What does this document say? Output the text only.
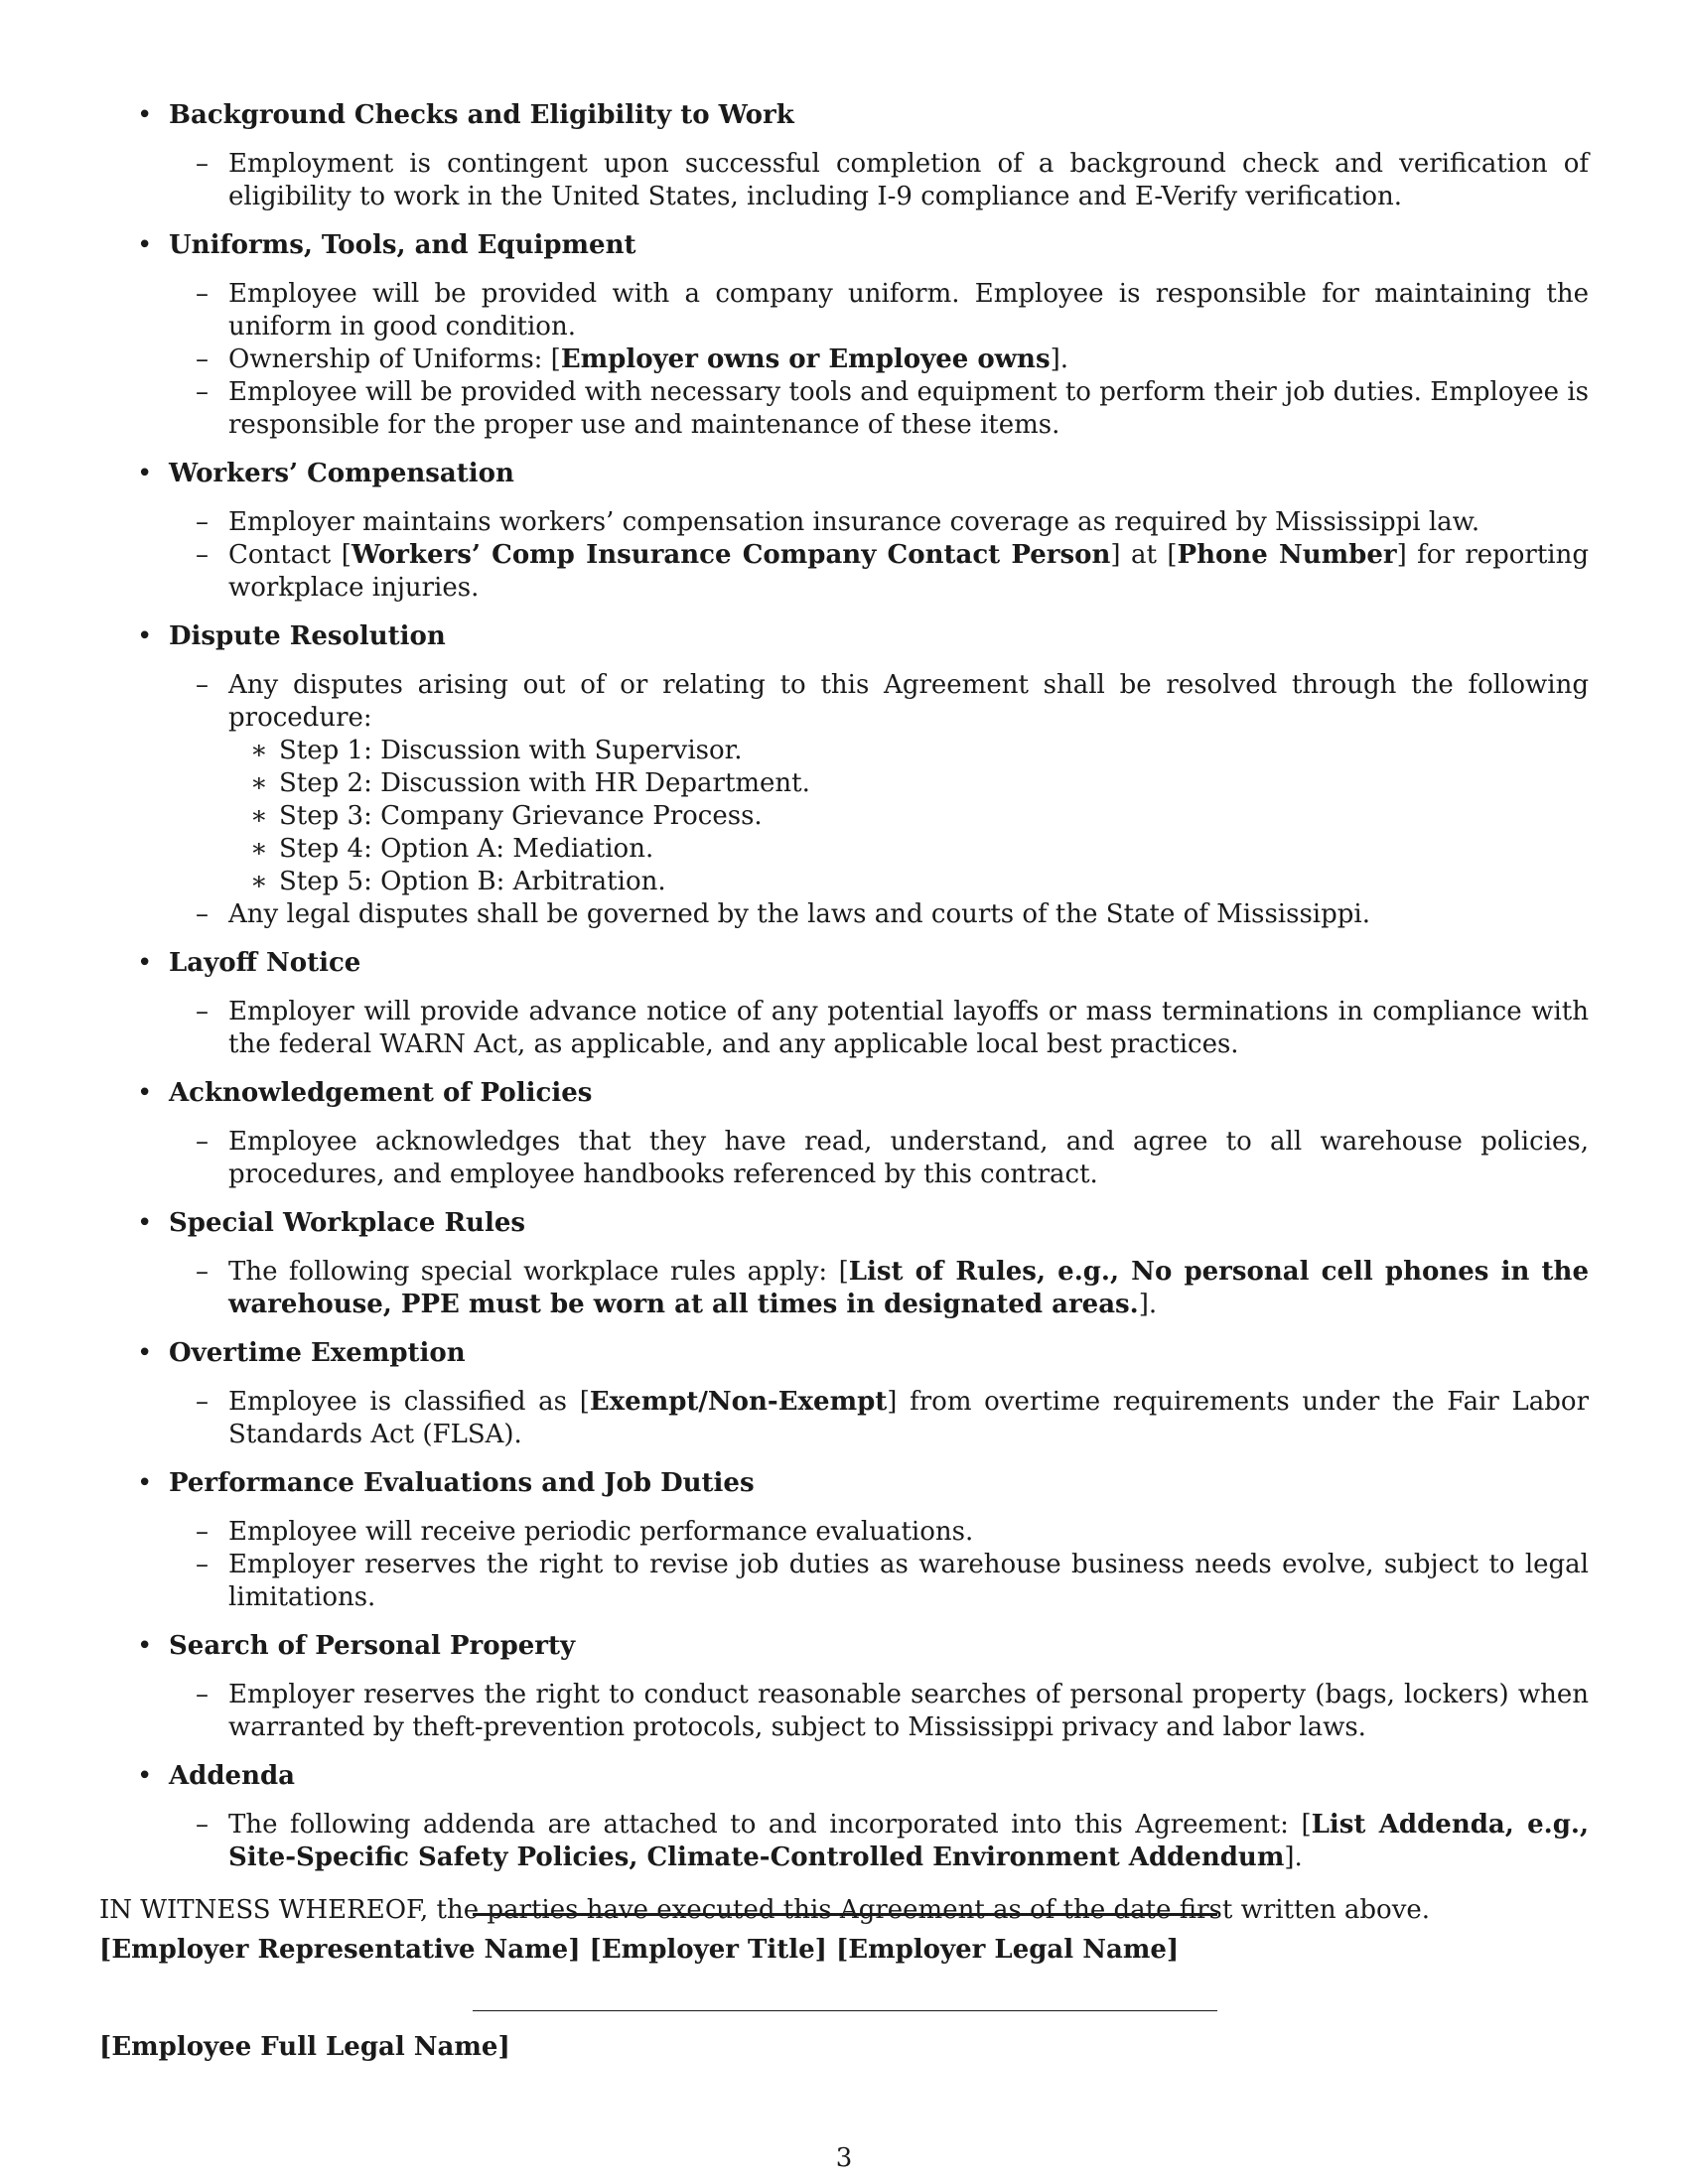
• Background Checks and Eligibility to Work
– Employment is contingent upon successful completion of a background check and verification of eligibility to work in the United States, including I-9 compliance and E-Verify verification.
• Uniforms, Tools, and Equipment
– Employee will be provided with a company uniform. Employee is responsible for maintaining the uniform in good condition.
– Ownership of Uniforms: [Employer owns or Employee owns].
– Employee will be provided with necessary tools and equipment to perform their job duties. Employee is responsible for the proper use and maintenance of these items.
• Workers’ Compensation
– Employer maintains workers’ compensation insurance coverage as required by Mississippi law.
– Contact [Workers’ Comp Insurance Company Contact Person] at [Phone Number] for reporting workplace injuries.
• Dispute Resolution
– Any disputes arising out of or relating to this Agreement shall be resolved through the following procedure:
∗ Step 1: Discussion with Supervisor.
∗ Step 2: Discussion with HR Department.
∗ Step 3: Company Grievance Process.
∗ Step 4: Option A: Mediation.
∗ Step 5: Option B: Arbitration.
– Any legal disputes shall be governed by the laws and courts of the State of Mississippi.
• Layoff Notice
– Employer will provide advance notice of any potential layoffs or mass terminations in compliance with the federal WARN Act, as applicable, and any applicable local best practices.
• Acknowledgement of Policies
– Employee acknowledges that they have read, understand, and agree to all warehouse policies, procedures, and employee handbooks referenced by this contract.
• Special Workplace Rules
– The following special workplace rules apply: [List of Rules, e.g., No personal cell phones in the warehouse, PPE must be worn at all times in designated areas.].
• Overtime Exemption
– Employee is classified as [Exempt/Non-Exempt] from overtime requirements under the Fair Labor Standards Act (FLSA).
• Performance Evaluations and Job Duties
– Employee will receive periodic performance evaluations.
– Employer reserves the right to revise job duties as warehouse business needs evolve, subject to legal limitations.
• Search of Personal Property
– Employer reserves the right to conduct reasonable searches of personal property (bags, lockers) when warranted by theft-prevention protocols, subject to Mississippi privacy and labor laws.
• Addenda
– The following addenda are attached to and incorporated into this Agreement: [List Addenda, e.g., Site-Specific Safety Policies, Climate-Controlled Environment Addendum].
IN WITNESS WHEREOF, the parties have executed this Agreement as of the date first written above.
[Employer Representative Name] [Employer Title] [Employer Legal Name]
[Employee Full Legal Name]
3
